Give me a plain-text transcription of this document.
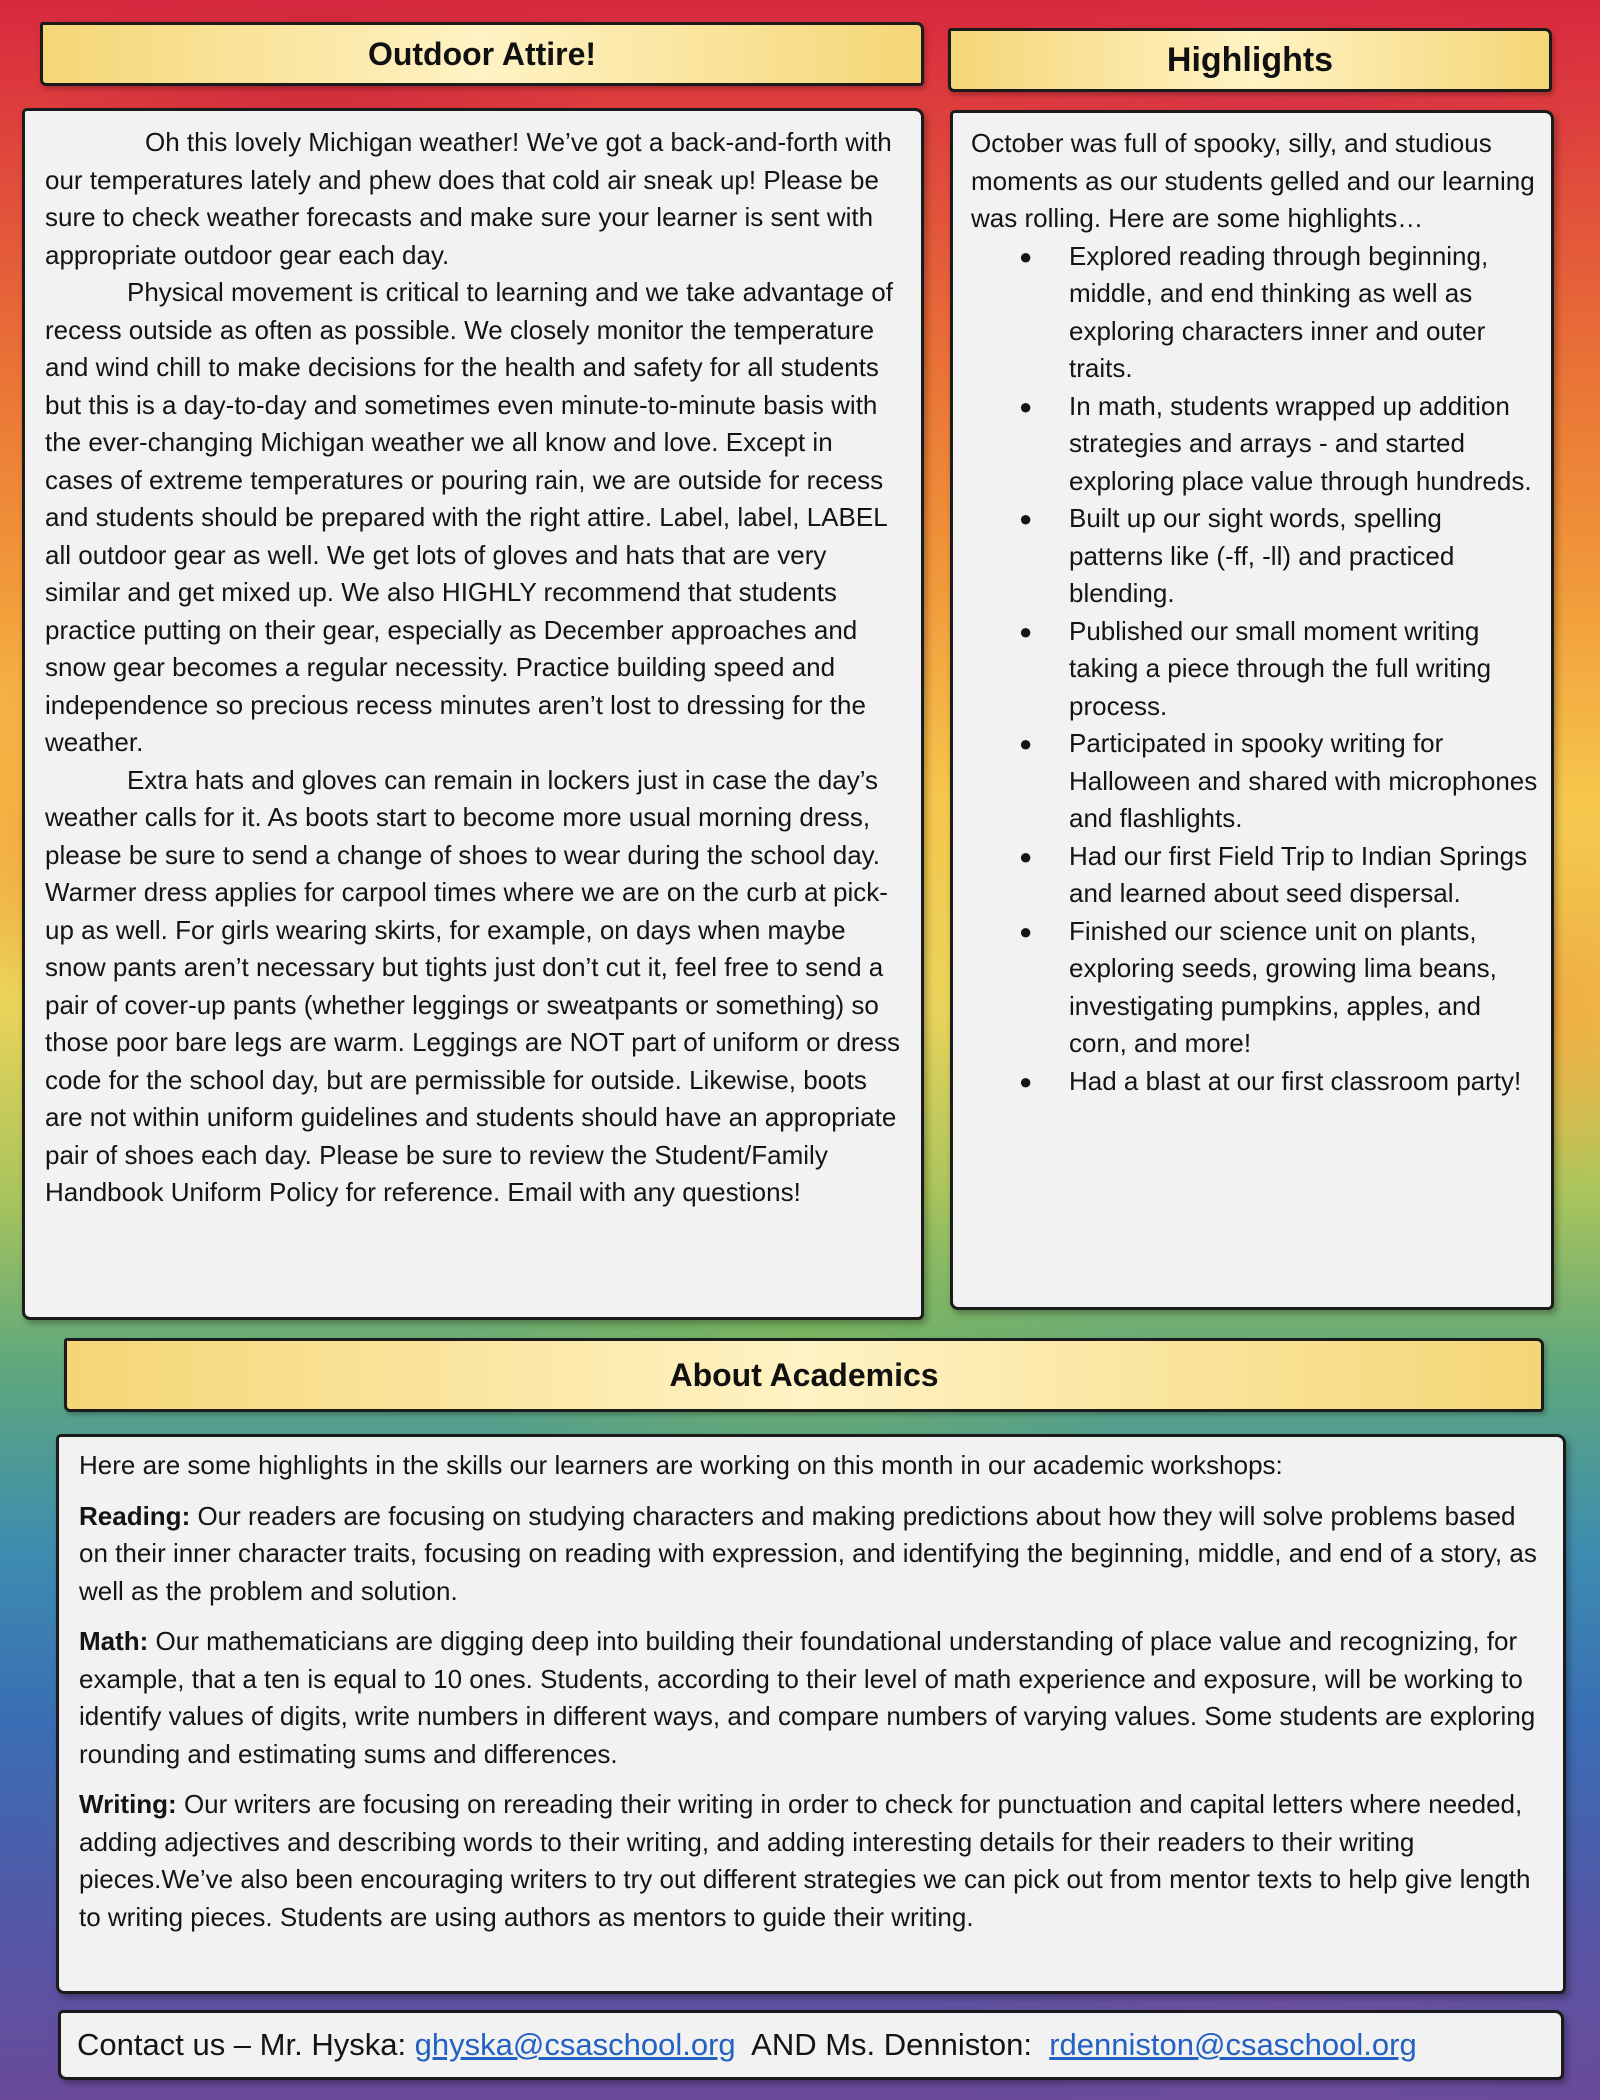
Outdoor Attire!	Highlights

Oh this lovely Michigan weather! We’ve got a back-and-forth with our temperatures lately and phew does that cold air sneak up! Please be sure to check weather forecasts and make sure your learner is sent with appropriate outdoor gear each day.

Physical movement is critical to learning and we take advantage of recess outside as often as possible. We closely monitor the temperature and wind chill to make decisions for the health and safety for all students but this is a day-to-day and sometimes even minute-to-minute basis with the ever-changing Michigan weather we all know and love. Except in cases of extreme temperatures or pouring rain, we are outside for recess and students should be prepared with the right attire. Label, label, LABEL all outdoor gear as well. We get lots of gloves and hats that are very similar and get mixed up. We also HIGHLY recommend that students practice putting on their gear, especially as December approaches and snow gear becomes a regular necessity. Practice building speed and independence so precious recess minutes aren’t lost to dressing for the weather.

Extra hats and gloves can remain in lockers just in case the day’s weather calls for it. As boots start to become more usual morning dress, please be sure to send a change of shoes to wear during the school day. Warmer dress applies for carpool times where we are on the curb at pick-up as well. For girls wearing skirts, for example, on days when maybe snow pants aren’t necessary but tights just don’t cut it, feel free to send a pair of cover-up pants (whether leggings or sweatpants or something) so those poor bare legs are warm. Leggings are NOT part of uniform or dress code for the school day, but are permissible for outside. Likewise, boots are not within uniform guidelines and students should have an appropriate pair of shoes each day. Please be sure to review the Student/Family Handbook Uniform Policy for reference. Email with any questions!

October was full of spooky, silly, and studious moments as our students gelled and our learning was rolling. Here are some highlights…

● Explored reading through beginning, middle, and end thinking as well as exploring characters inner and outer traits.
● In math, students wrapped up addition strategies and arrays - and started exploring place value through hundreds.
● Built up our sight words, spelling patterns like (-ff, -ll) and practiced blending.
● Published our small moment writing taking a piece through the full writing process.
● Participated in spooky writing for Halloween and shared with microphones and flashlights.
● Had our first Field Trip to Indian Springs and learned about seed dispersal.
● Finished our science unit on plants, exploring seeds, growing lima beans, investigating pumpkins, apples, and corn, and more!
● Had a blast at our first classroom party!
About Academics

Here are some highlights in the skills our learners are working on this month in our academic workshops:

Reading: Our readers are focusing on studying characters and making predictions about how they will solve problems based on their inner character traits, focusing on reading with expression, and identifying the beginning, middle, and end of a story, as well as the problem and solution.

Math: Our mathematicians are digging deep into building their foundational understanding of place value and recognizing, for example, that a ten is equal to 10 ones. Students, according to their level of math experience and exposure, will be working to identify values of digits, write numbers in different ways, and compare numbers of varying values. Some students are exploring rounding and estimating sums and differences.

Writing: Our writers are focusing on rereading their writing in order to check for punctuation and capital letters where needed, adding adjectives and describing words to their writing, and adding interesting details for their readers to their writing pieces.We’ve also been encouraging writers to try out different strategies we can pick out from mentor texts to help give length to writing pieces. Students are using authors as mentors to guide their writing.

Contact us – Mr. Hyska: ghyska@csaschool.org AND Ms. Denniston: rdenniston@csaschool.org
